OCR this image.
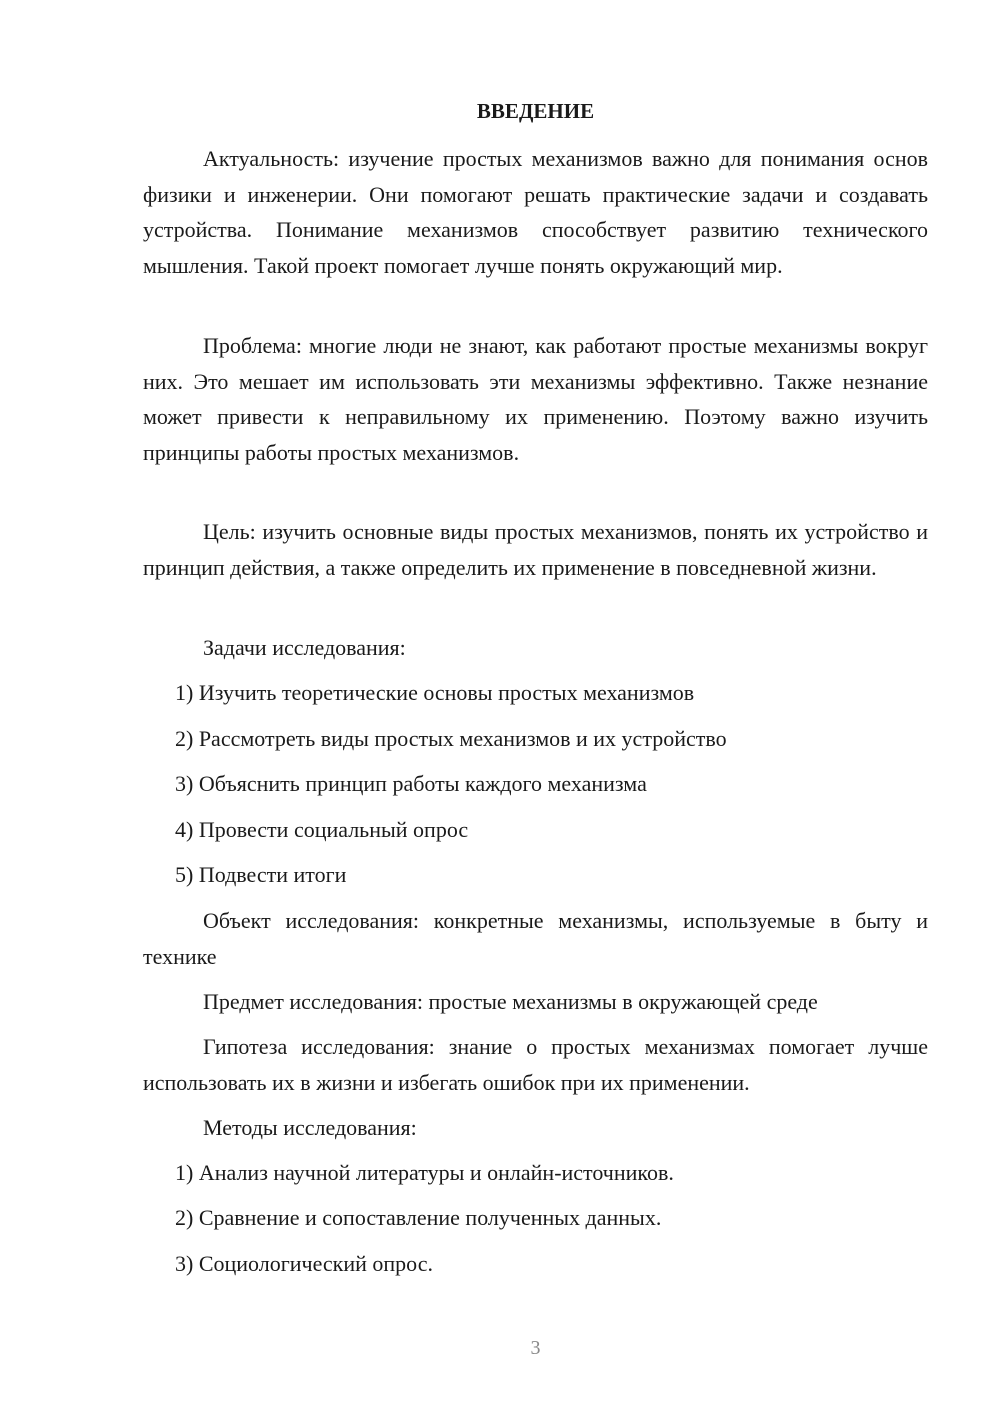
ВВЕДЕНИЕ

Актуальность: изучение простых механизмов важно для понимания основ физики и инженерии. Они помогают решать практические задачи и создавать устройства. Понимание механизмов способствует развитию технического мышления. Такой проект помогает лучше понять окружающий мир.

Проблема: многие люди не знают, как работают простые механизмы вокруг них. Это мешает им использовать эти механизмы эффективно. Также незнание может привести к неправильному их применению. Поэтому важно изучить принципы работы простых механизмов.

Цель: изучить основные виды простых механизмов, понять их устройство и принцип действия, а также определить их применение в повседневной жизни.

Задачи исследования:

1) Изучить теоретические основы простых механизмов

2) Рассмотреть виды простых механизмов и их устройство

3) Объяснить принцип работы каждого механизма

4) Провести социальный опрос

5) Подвести итоги

Объект исследования: конкретные механизмы, используемые в быту и технике

Предмет исследования: простые механизмы в окружающей среде

Гипотеза исследования: знание о простых механизмах помогает лучше использовать их в жизни и избегать ошибок при их применении.

Методы исследования:

1) Анализ научной литературы и онлайн-источников.

2) Сравнение и сопоставление полученных данных.

3) Социологический опрос.

3
